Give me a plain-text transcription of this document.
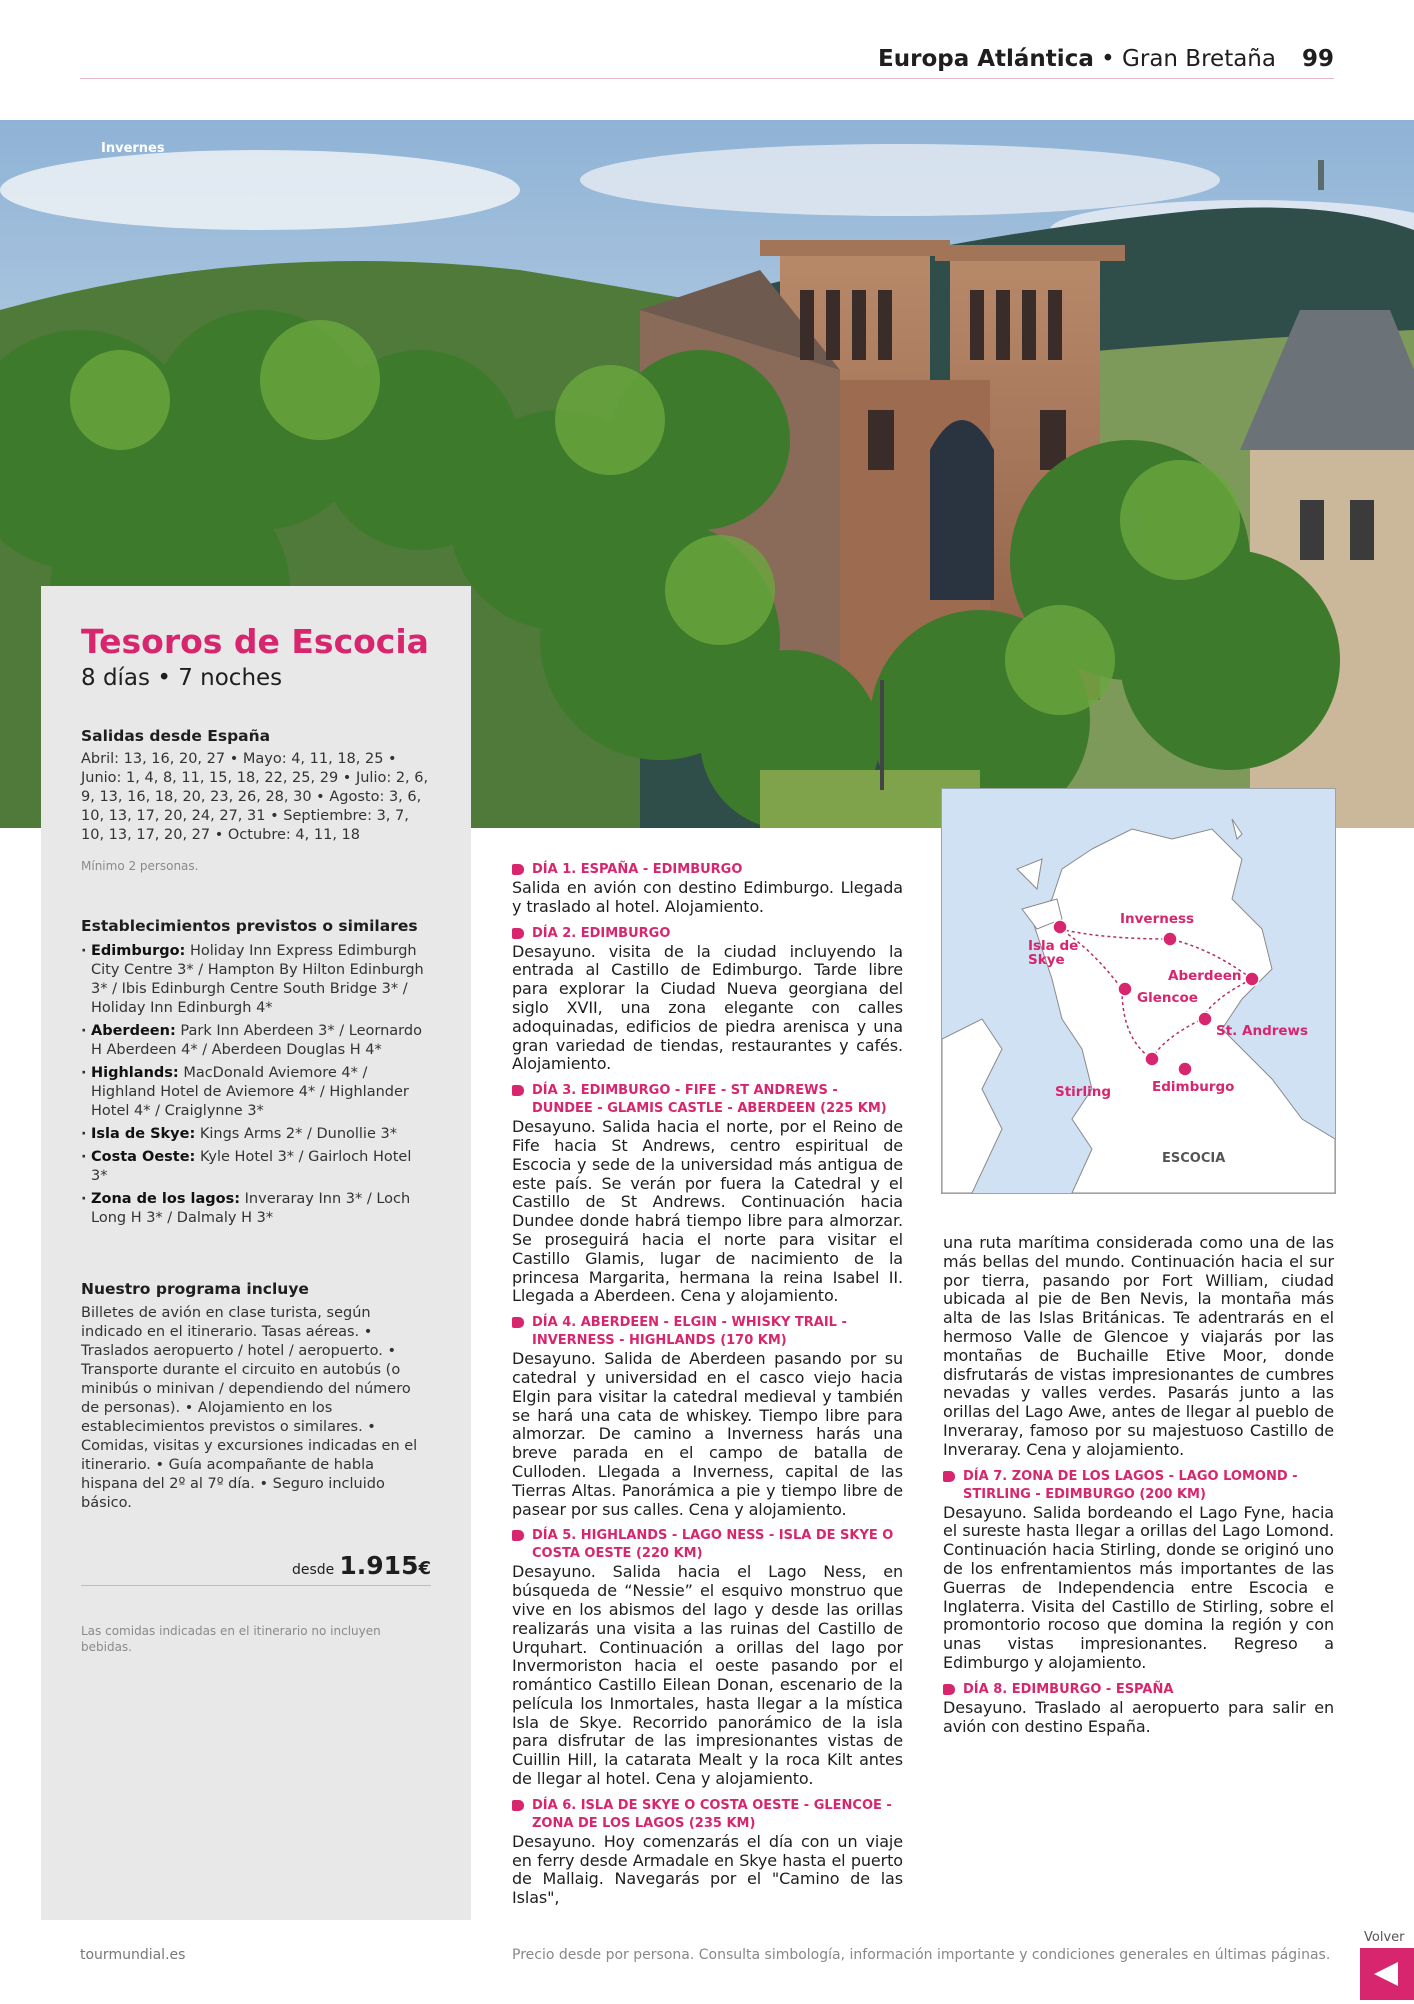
Europa Atlántica • Gran Bretaña 99
Invernes
Tesoros de Escocia
8 días • 7 noches
Salidas desde España
Abril: 13, 16, 20, 27 • Mayo: 4, 11, 18, 25 • Junio: 1, 4, 8, 11, 15, 18, 22, 25, 29 • Julio: 2, 6, 9, 13, 16, 18, 20, 23, 26, 28, 30 • Agosto: 3, 6, 10, 13, 17, 20, 24, 27, 31 • Septiembre: 3, 7, 10, 13, 17, 20, 27 • Octubre: 4, 11, 18
Mínimo 2 personas.
Establecimientos previstos o similares
· Edimburgo: Holiday Inn Express Edimburgh City Centre 3* / Hampton By Hilton Edinburgh 3* / Ibis Edinburgh Centre South Bridge 3* / Holiday Inn Edinburgh 4*
· Aberdeen: Park Inn Aberdeen 3* / Leornardo H Aberdeen 4* / Aberdeen Douglas H 4*
· Highlands: MacDonald Aviemore 4* / Highland Hotel de Aviemore 4* / Highlander Hotel 4* / Craiglynne 3*
· Isla de Skye: Kings Arms 2* / Dunollie 3*
· Costa Oeste: Kyle Hotel 3* / Gairloch Hotel 3*
· Zona de los lagos: Inveraray Inn 3* / Loch Long H 3* / Dalmaly H 3*
Nuestro programa incluye
Billetes de avión en clase turista, según indicado en el itinerario. Tasas aéreas. • Traslados aeropuerto / hotel / aeropuerto. • Transporte durante el circuito en autobús (o minibús o minivan / dependiendo del número de personas). • Alojamiento en los establecimientos previstos o similares. • Comidas, visitas y excursiones indicadas en el itinerario. • Guía acompañante de habla hispana del 2º al 7º día. • Seguro incluido básico.
desde 1.915€
Las comidas indicadas en el itinerario no incluyen bebidas.
DÍA 1. ESPAÑA - EDIMBURGO
Salida en avión con destino Edimburgo. Llegada y traslado al hotel. Alojamiento.
DÍA 2. EDIMBURGO
Desayuno. visita de la ciudad incluyendo la entrada al Castillo de Edimburgo. Tarde libre para explorar la Ciudad Nueva georgiana del siglo XVII, una zona elegante con calles adoquinadas, edificios de piedra arenisca y una gran variedad de tiendas, restaurantes y cafés. Alojamiento.
DÍA 3. EDIMBURGO - FIFE - ST ANDREWS - DUNDEE - GLAMIS CASTLE - ABERDEEN (225 KM)
Desayuno. Salida hacia el norte, por el Reino de Fife hacia St Andrews, centro espiritual de Escocia y sede de la universidad más antigua de este país. Se verán por fuera la Catedral y el Castillo de St Andrews. Continuación hacia Dundee donde habrá tiempo libre para almorzar. Se proseguirá hacia el norte para visitar el Castillo Glamis, lugar de nacimiento de la princesa Margarita, hermana la reina Isabel II. Llegada a Aberdeen. Cena y alojamiento.
DÍA 4. ABERDEEN - ELGIN - WHISKY TRAIL - INVERNESS - HIGHLANDS (170 KM)
Desayuno. Salida de Aberdeen pasando por su catedral y universidad en el casco viejo hacia Elgin para visitar la catedral medieval y también se hará una cata de whiskey. Tiempo libre para almorzar. De camino a Inverness harás una breve parada en el campo de batalla de Culloden. Llegada a Inverness, capital de las Tierras Altas. Panorámica a pie y tiempo libre de pasear por sus calles. Cena y alojamiento.
DÍA 5. HIGHLANDS - LAGO NESS - ISLA DE SKYE O COSTA OESTE (220 KM)
Desayuno. Salida hacia el Lago Ness, en búsqueda de “Nessie” el esquivo monstruo que vive en los abismos del lago y desde las orillas realizarás una visita a las ruinas del Castillo de Urquhart. Continuación a orillas del lago por Invermoriston hacia el oeste pasando por el romántico Castillo Eilean Donan, escenario de la película los Inmortales, hasta llegar a la mística Isla de Skye. Recorrido panorámico de la isla para disfrutar de las impresionantes vistas de Cuillin Hill, la catarata Mealt y la roca Kilt antes de llegar al hotel. Cena y alojamiento.
DÍA 6. ISLA DE SKYE O COSTA OESTE - GLENCOE - ZONA DE LOS LAGOS (235 KM)
Desayuno. Hoy comenzarás el día con un viaje en ferry desde Armadale en Skye hasta el puerto de Mallaig. Navegarás por el "Camino de las Islas",
Inverness
Isla de Skye
Aberdeen
Glencoe
St. Andrews
Stirling	Edimburgo
ESCOCIA
una ruta marítima considerada como una de las más bellas del mundo. Continuación hacia el sur por tierra, pasando por Fort William, ciudad ubicada al pie de Ben Nevis, la montaña más alta de las Islas Británicas. Te adentrarás en el hermoso Valle de Glencoe y viajarás por las montañas de Buchaille Etive Moor, donde disfrutarás de vistas impresionantes de cumbres nevadas y valles verdes. Pasarás junto a las orillas del Lago Awe, antes de llegar al pueblo de Inveraray, famoso por su majestuoso Castillo de Inveraray. Cena y alojamiento.
DÍA 7. ZONA DE LOS LAGOS - LAGO LOMOND - STIRLING - EDIMBURGO (200 KM)
Desayuno. Salida bordeando el Lago Fyne, hacia el sureste hasta llegar a orillas del Lago Lomond. Continuación hacia Stirling, donde se originó uno de los enfrentamientos más importantes de las Guerras de Independencia entre Escocia e Inglaterra. Visita del Castillo de Stirling, sobre el promontorio rocoso que domina la región y con unas vistas impresionantes. Regreso a Edimburgo y alojamiento.
DÍA 8. EDIMBURGO - ESPAÑA
Desayuno. Traslado al aeropuerto para salir en avión con destino España.
tourmundial.es	Precio desde por persona. Consulta simbología, información importante y condiciones generales en últimas páginas.
Volver
